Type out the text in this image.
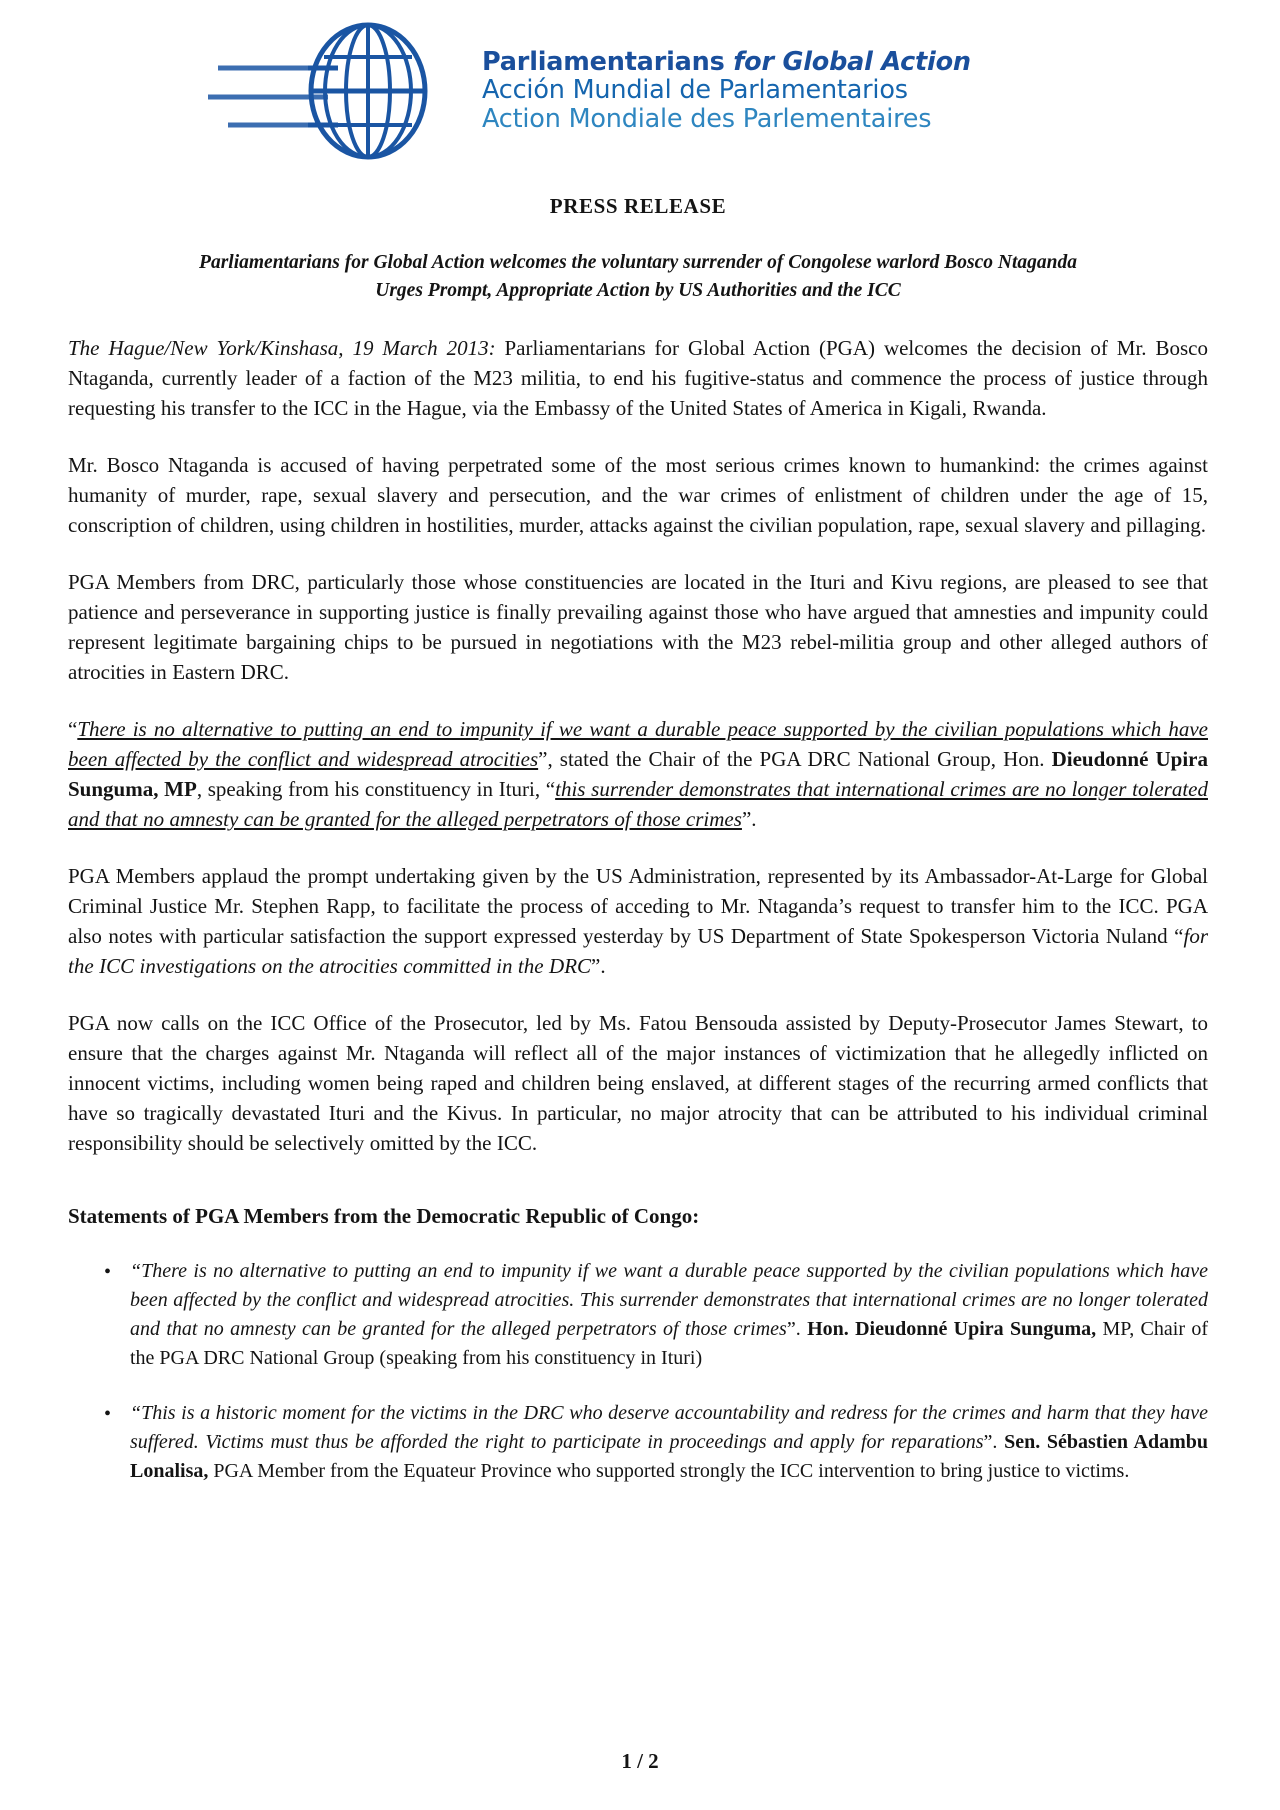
Parliamentarians for Global Action
Acción Mundial de Parlamentarios
Action Mondiale des Parlementaires
PRESS RELEASE
Parliamentarians for Global Action welcomes the voluntary surrender of Congolese warlord Bosco Ntaganda
Urges Prompt, Appropriate Action by US Authorities and the ICC

The Hague/New York/Kinshasa, 19 March 2013: Parliamentarians for Global Action (PGA) welcomes the decision of Mr. Bosco Ntaganda, currently leader of a faction of the M23 militia, to end his fugitive-status and commence the process of justice through requesting his transfer to the ICC in the Hague, via the Embassy of the United States of America in Kigali, Rwanda.

Mr. Bosco Ntaganda is accused of having perpetrated some of the most serious crimes known to humankind: the crimes against humanity of murder, rape, sexual slavery and persecution, and the war crimes of enlistment of children under the age of 15, conscription of children, using children in hostilities, murder, attacks against the civilian population, rape, sexual slavery and pillaging.

PGA Members from DRC, particularly those whose constituencies are located in the Ituri and Kivu regions, are pleased to see that patience and perseverance in supporting justice is finally prevailing against those who have argued that amnesties and impunity could represent legitimate bargaining chips to be pursued in negotiations with the M23 rebel-militia group and other alleged authors of atrocities in Eastern DRC.

“There is no alternative to putting an end to impunity if we want a durable peace supported by the civilian populations which have been affected by the conflict and widespread atrocities”, stated the Chair of the PGA DRC National Group, Hon. Dieudonné Upira Sunguma, MP, speaking from his constituency in Ituri, “this surrender demonstrates that international crimes are no longer tolerated and that no amnesty can be granted for the alleged perpetrators of those crimes”.

PGA Members applaud the prompt undertaking given by the US Administration, represented by its Ambassador-At-Large for Global Criminal Justice Mr. Stephen Rapp, to facilitate the process of acceding to Mr. Ntaganda’s request to transfer him to the ICC. PGA also notes with particular satisfaction the support expressed yesterday by US Department of State Spokesperson Victoria Nuland “for the ICC investigations on the atrocities committed in the DRC”.

PGA now calls on the ICC Office of the Prosecutor, led by Ms. Fatou Bensouda assisted by Deputy-Prosecutor James Stewart, to ensure that the charges against Mr. Ntaganda will reflect all of the major instances of victimization that he allegedly inflicted on innocent victims, including women being raped and children being enslaved, at different stages of the recurring armed conflicts that have so tragically devastated Ituri and the Kivus. In particular, no major atrocity that can be attributed to his individual criminal responsibility should be selectively omitted by the ICC.

Statements of PGA Members from the Democratic Republic of Congo:
• “There is no alternative to putting an end to impunity if we want a durable peace supported by the civilian populations which have been affected by the conflict and widespread atrocities. This surrender demonstrates that international crimes are no longer tolerated and that no amnesty can be granted for the alleged perpetrators of those crimes”. Hon. Dieudonné Upira Sunguma, MP, Chair of the PGA DRC National Group (speaking from his constituency in Ituri)
• “This is a historic moment for the victims in the DRC who deserve accountability and redress for the crimes and harm that they have suffered. Victims must thus be afforded the right to participate in proceedings and apply for reparations”. Sen. Sébastien Adambu Lonalisa, PGA Member from the Equateur Province who supported strongly the ICC intervention to bring justice to victims.
1 / 2
